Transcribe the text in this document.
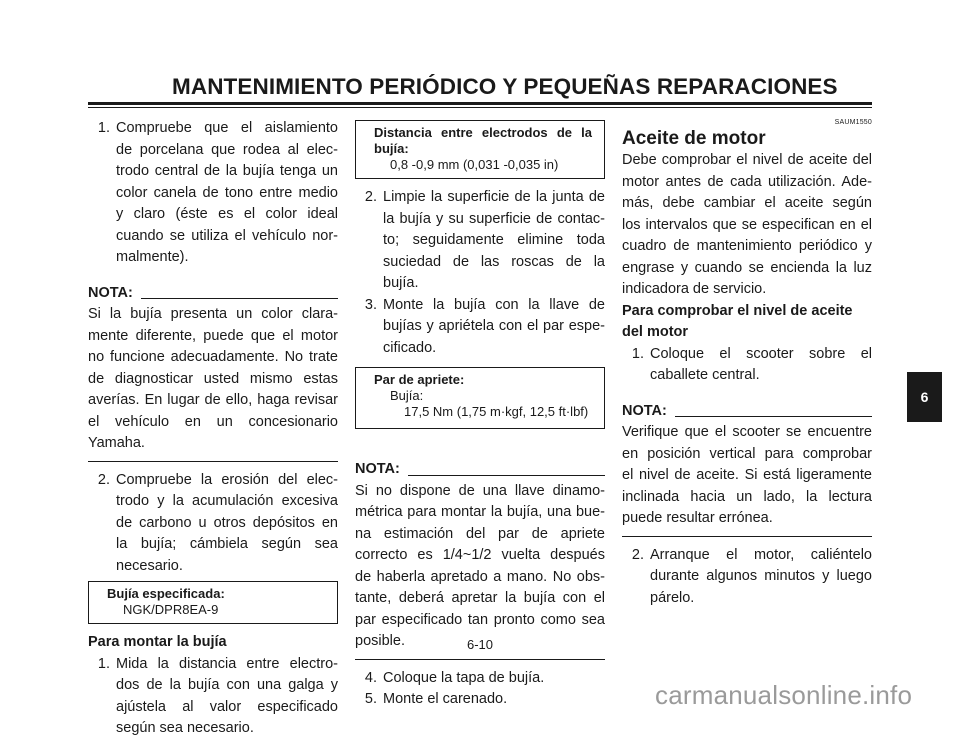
MANTENIMIENTO PERIÓDICO Y PEQUEÑAS REPARACIONES
1. Compruebe que el aislamiento
de porcelana que rodea al elec-
trodo central de la bujía tenga un
color canela de tono entre medio
y claro (éste es el color ideal
cuando se utiliza el vehículo nor-
malmente).
NOTA:
Si la bujía presenta un color clara-
mente diferente, puede que el motor
no funcione adecuadamente. No trate
de diagnosticar usted mismo estas
averías. En lugar de ello, haga revisar
el vehículo en un concesionario
Yamaha.
2. Compruebe la erosión del elec-
trodo y la acumulación excesiva
de carbono u otros depósitos en
la bujía; cámbiela según sea
necesario.
Bujía especificada:
NGK/DPR8EA-9
Para montar la bujía
1. Mida la distancia entre electro-
dos de la bujía con una galga y
ajústela al valor especificado
según sea necesario.
Distancia entre electrodos de la
bujía:
0,8 -0,9 mm (0,031 -0,035 in)
2. Limpie la superficie de la junta de
la bujía y su superficie de contac-
to; seguidamente elimine toda
suciedad de las roscas de la
bujía.
3. Monte la bujía con la llave de
bujías y apriétela con el par espe-
cificado.
Par de apriete:
Bujía:
17,5 Nm (1,75 m·kgf, 12,5 ft·lbf)
NOTA:
Si no dispone de una llave dinamo-
métrica para montar la bujía, una bue-
na estimación del par de apriete
correcto es 1/4~1/2 vuelta después
de haberla apretado a mano. No obs-
tante, deberá apretar la bujía con el
par especificado tan pronto como sea
posible.
4. Coloque la tapa de bujía.
5. Monte el carenado.
SAUM1550
Aceite de motor
Debe comprobar el nivel de aceite del
motor antes de cada utilización. Ade-
más, debe cambiar el aceite según
los intervalos que se especifican en el
cuadro de mantenimiento periódico y
engrase y cuando se encienda la luz
indicadora de servicio.
Para comprobar el nivel de aceite
del motor
1. Coloque el scooter sobre el
caballete central.
NOTA:
Verifique que el scooter se encuentre
en posición vertical para comprobar
el nivel de aceite. Si está ligeramente
inclinada hacia un lado, la lectura
puede resultar errónea.
2. Arranque el motor, caliéntelo
durante algunos minutos y luego
párelo.
6
6-10
carmanualsonline.info
